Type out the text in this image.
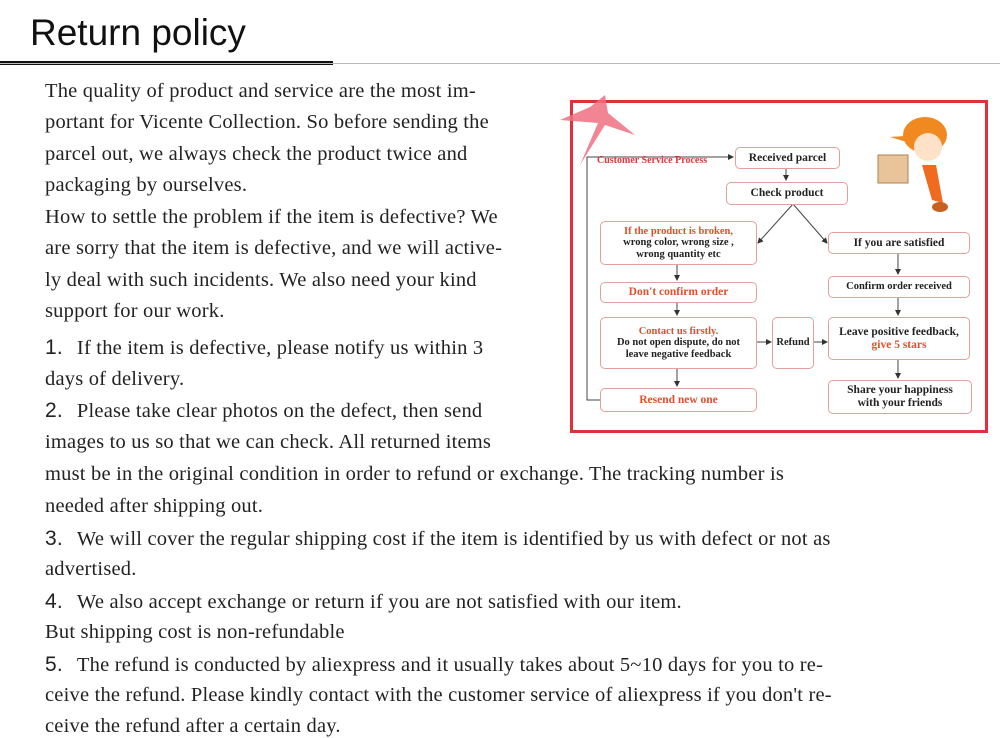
Return policy
The quality of product and service are the most im-
portant for Vicente Collection. So before sending the
parcel out, we always check the product twice and
packaging by ourselves.
How to settle the problem if the item is defective? We
are sorry that the item is defective, and we will active-
ly deal with such incidents. We also need your kind
support for our work.
1. If the item is defective, please notify us within 3
days of delivery.
2. Please take clear photos on the defect, then send
images to us so that we can check. All returned items
must be in the original condition in order to refund or exchange. The tracking number is
needed after shipping out.
3. We will cover the regular shipping cost if the item is identified by us with defect or not as
advertised.
4. We also accept exchange or return if you are not satisfied with our item.
But shipping cost is non-refundable
5. The refund is conducted by aliexpress and it usually takes about 5~10 days for you to re-
ceive the refund. Please kindly contact with the customer service of aliexpress if you don't re-
ceive the refund after a certain day.
Customer Service Process	Received parcel
Check product
If the product is broken,
wrong color, wrong size ,
wrong quantity etc
If you are satisfied
Don't confirm order	Confirm order received
Contact us firstly.
Do not open dispute, do not
leave negative feedback
Refund
Leave positive feedback,
give 5 stars
Resend new one
Share your happiness
with your friends
